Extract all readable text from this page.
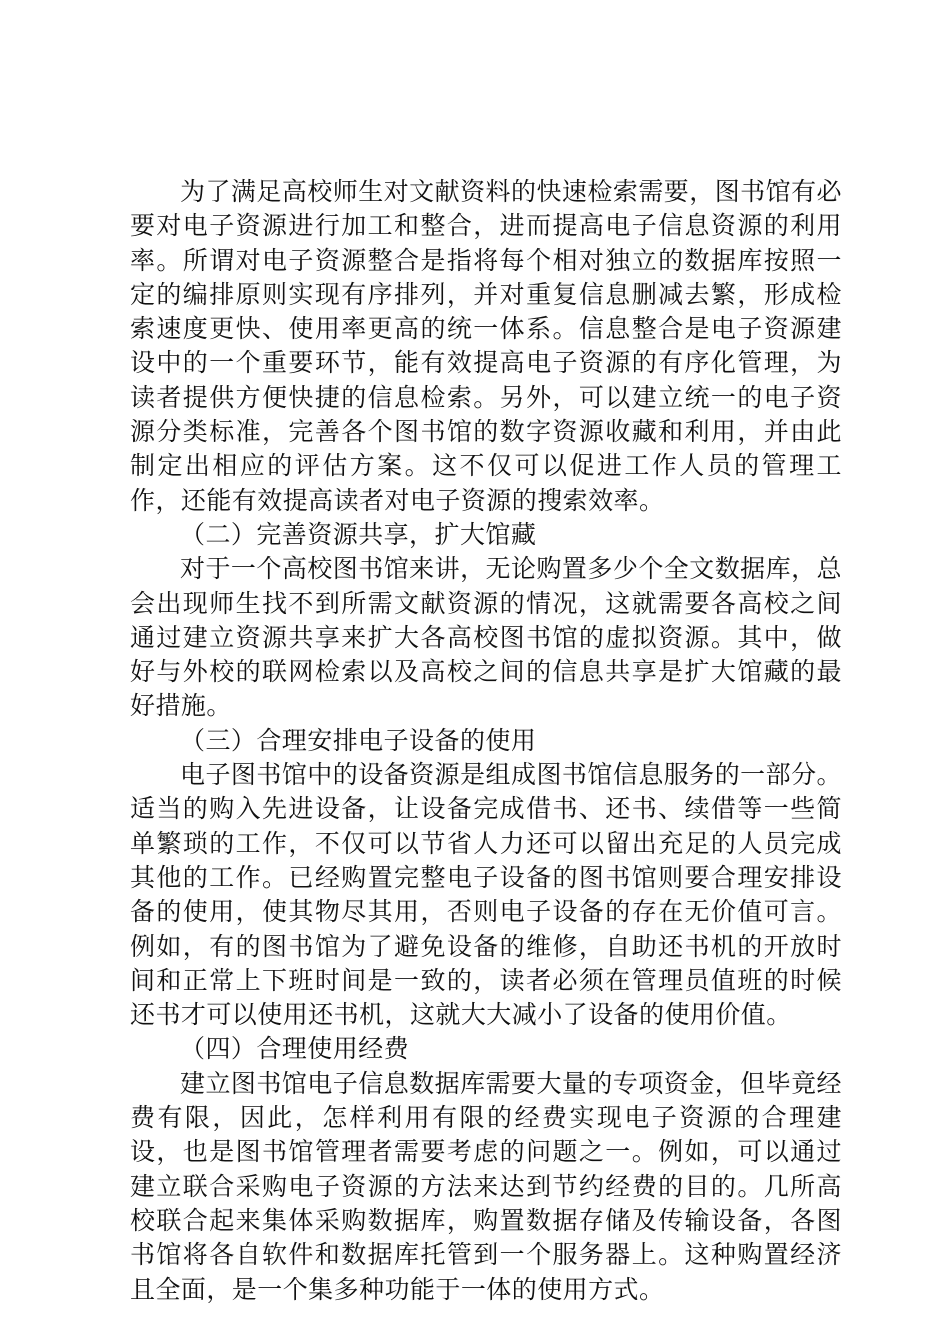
为了满足高校师生对文献资料的快速检索需要，图书馆有必要对电子资源进行加工和整合，进而提高电子信息资源的利用率。所谓对电子资源整合是指将每个相对独立的数据库按照一定的编排原则实现有序排列，并对重复信息删减去繁，形成检索速度更快、使用率更高的统一体系。信息整合是电子资源建设中的一个重要环节，能有效提高电子资源的有序化管理，为读者提供方便快捷的信息检索。另外，可以建立统一的电子资源分类标准，完善各个图书馆的数字资源收藏和利用，并由此制定出相应的评估方案。这不仅可以促进工作人员的管理工作，还能有效提高读者对电子资源的搜索效率。

（二）完善资源共享，扩大馆藏

对于一个高校图书馆来讲，无论购置多少个全文数据库，总会出现师生找不到所需文献资源的情况，这就需要各高校之间通过建立资源共享来扩大各高校图书馆的虚拟资源。其中，做好与外校的联网检索以及高校之间的信息共享是扩大馆藏的最好措施。

（三）合理安排电子设备的使用

电子图书馆中的设备资源是组成图书馆信息服务的一部分。适当的购入先进设备，让设备完成借书、还书、续借等一些简单繁琐的工作，不仅可以节省人力还可以留出充足的人员完成其他的工作。已经购置完整电子设备的图书馆则要合理安排设备的使用，使其物尽其用，否则电子设备的存在无价值可言。例如，有的图书馆为了避免设备的维修，自助还书机的开放时间和正常上下班时间是一致的，读者必须在管理员值班的时候还书才可以使用还书机，这就大大减小了设备的使用价值。

（四）合理使用经费

建立图书馆电子信息数据库需要大量的专项资金，但毕竟经费有限，因此，怎样利用有限的经费实现电子资源的合理建设，也是图书馆管理者需要考虑的问题之一。例如，可以通过建立联合采购电子资源的方法来达到节约经费的目的。几所高校联合起来集体采购数据库，购置数据存储及传输设备，各图书馆将各自软件和数据库托管到一个服务器上。这种购置经济且全面，是一个集多种功能于一体的使用方式。
